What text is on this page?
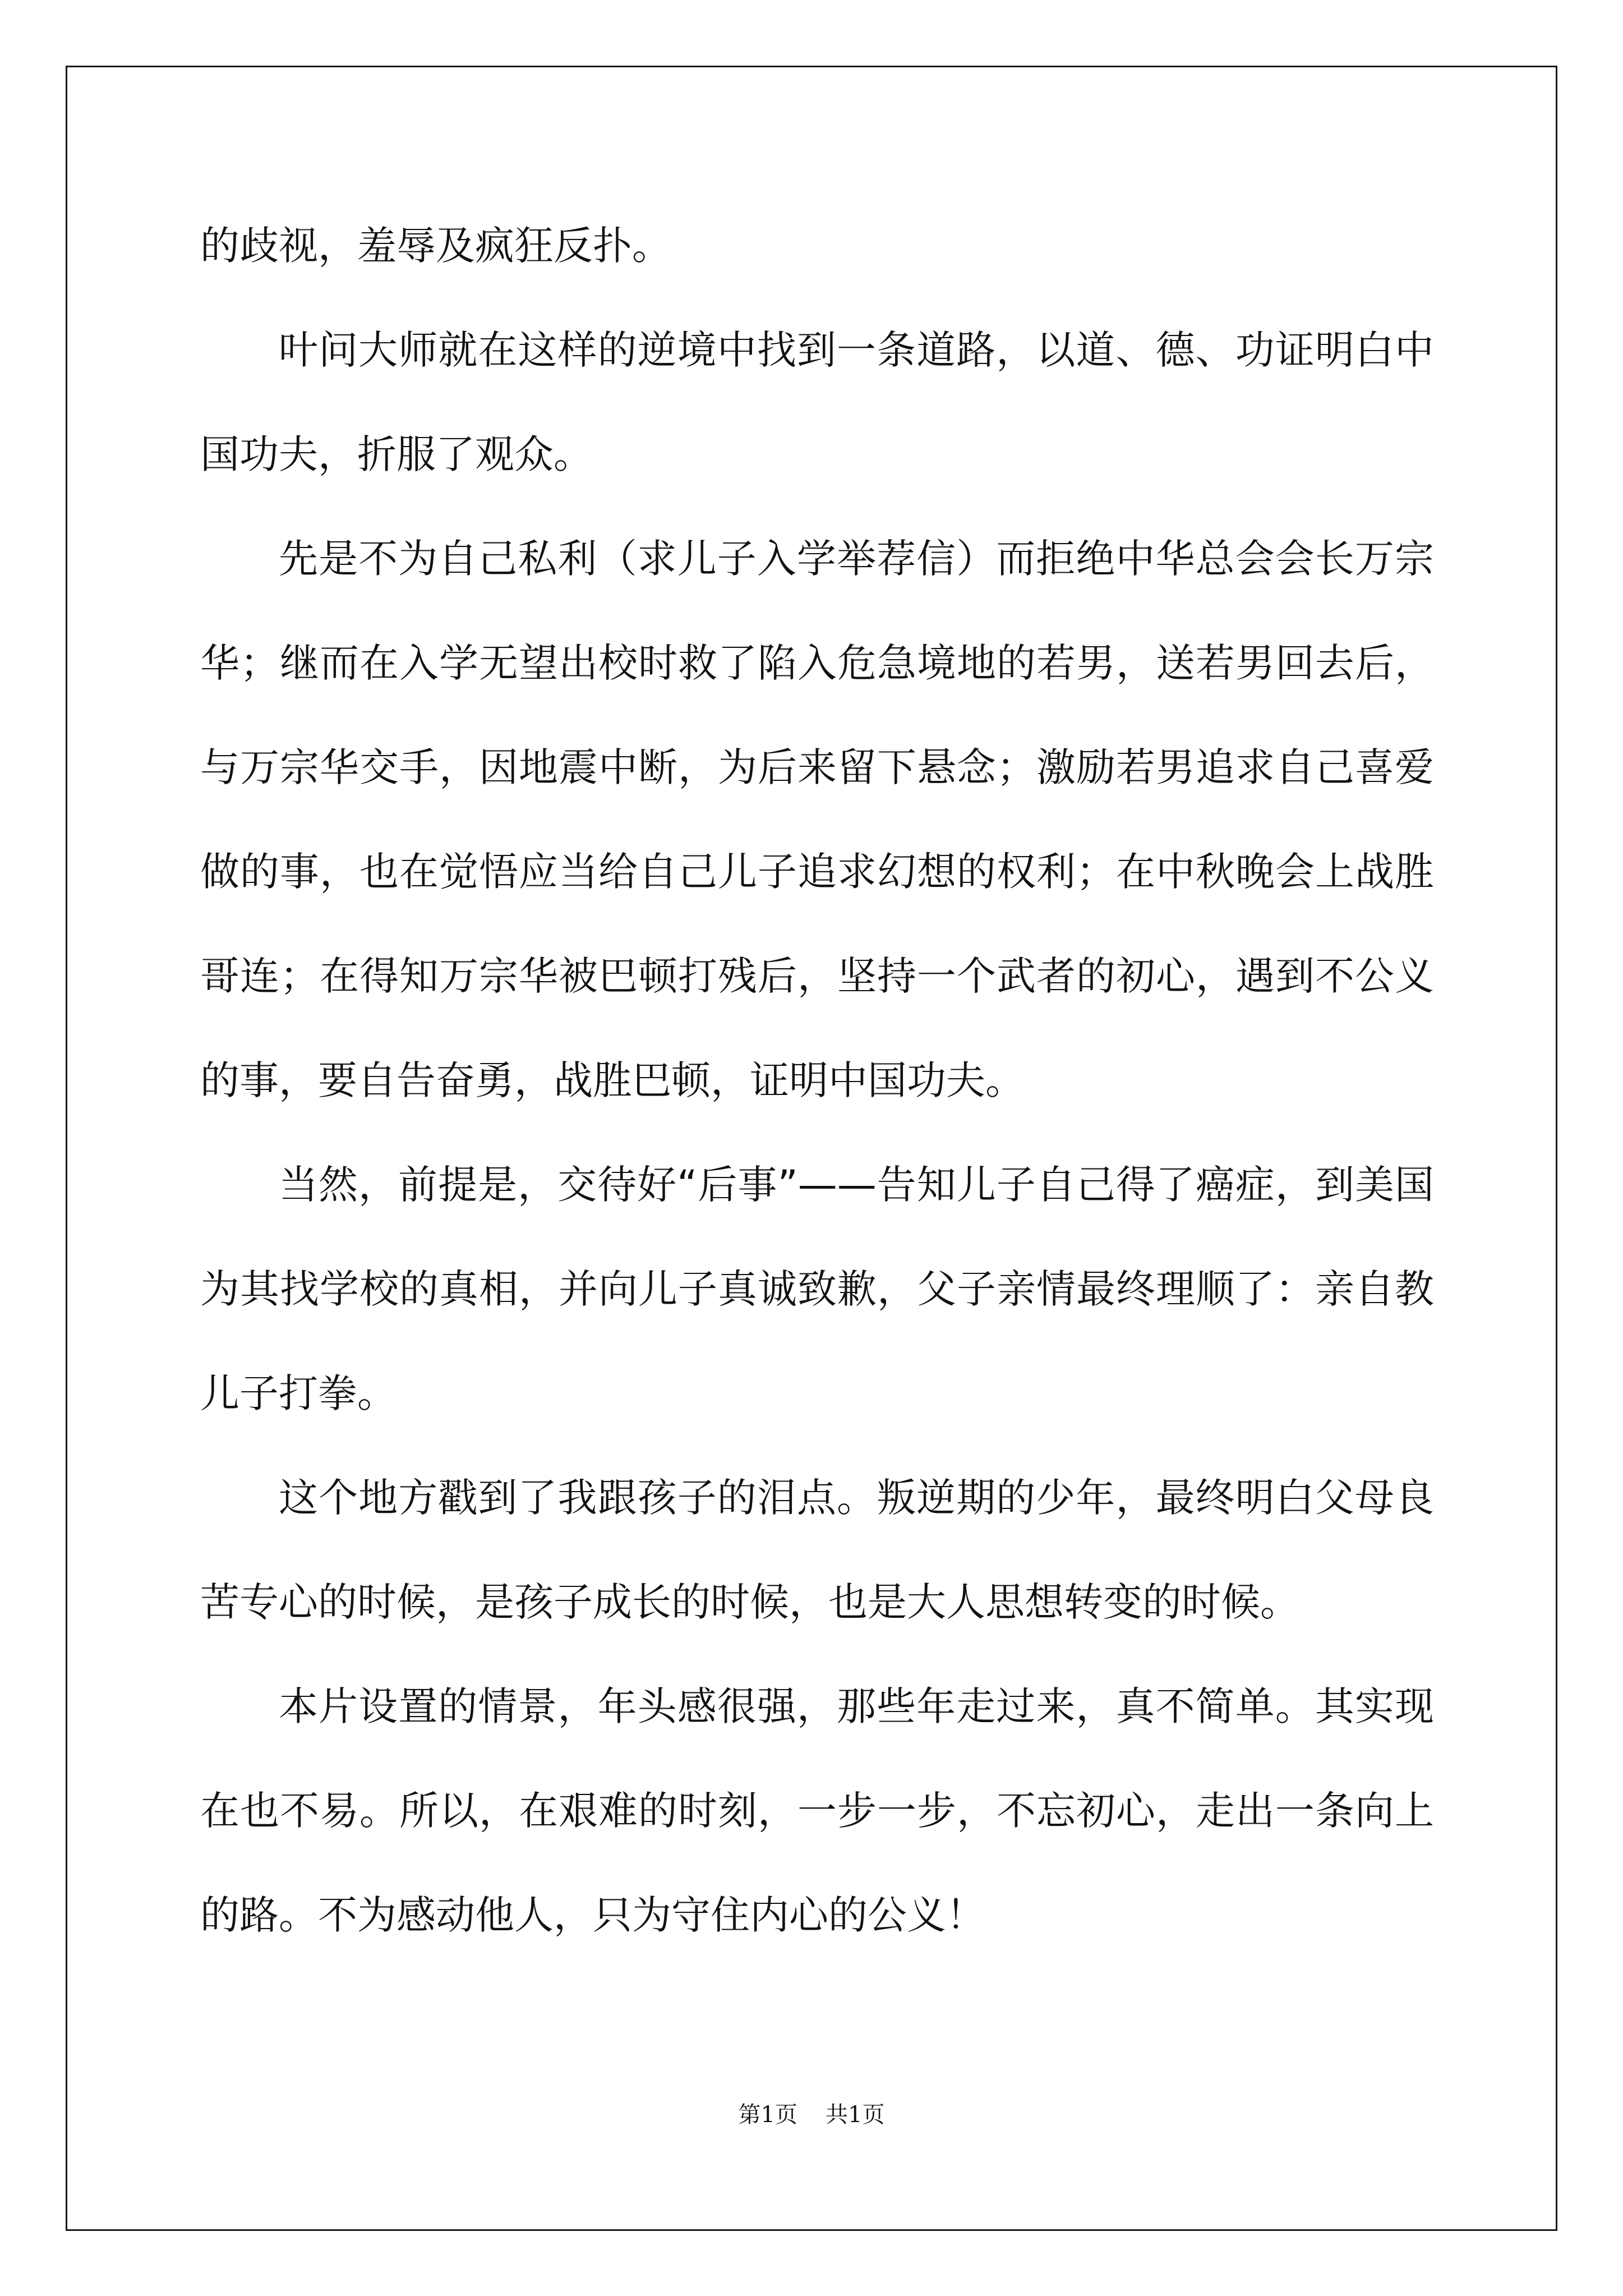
的歧视，羞辱及疯狂反扑。

叶问大师就在这样的逆境中找到一条道路，以道、德、功证明白中国功夫，折服了观众。

先是不为自己私利（求儿子入学举荐信）而拒绝中华总会会长万宗华；继而在入学无望出校时救了陷入危急境地的若男，送若男回去后，与万宗华交手，因地震中断，为后来留下悬念；激励若男追求自己喜爱做的事，也在觉悟应当给自己儿子追求幻想的权利；在中秋晚会上战胜哥连；在得知万宗华被巴顿打残后，坚持一个武者的初心，遇到不公义的事，要自告奋勇，战胜巴顿，证明中国功夫。

当然，前提是，交待好“后事”——告知儿子自己得了癌症，到美国为其找学校的真相，并向儿子真诚致歉，父子亲情最终理顺了：亲自教儿子打拳。

这个地方戳到了我跟孩子的泪点。叛逆期的少年，最终明白父母良苦专心的时候，是孩子成长的时候，也是大人思想转变的时候。

本片设置的情景，年头感很强，那些年走过来，真不简单。其实现在也不易。所以，在艰难的时刻，一步一步，不忘初心，走出一条向上的路。不为感动他人，只为守住内心的公义！

第1页 共1页
